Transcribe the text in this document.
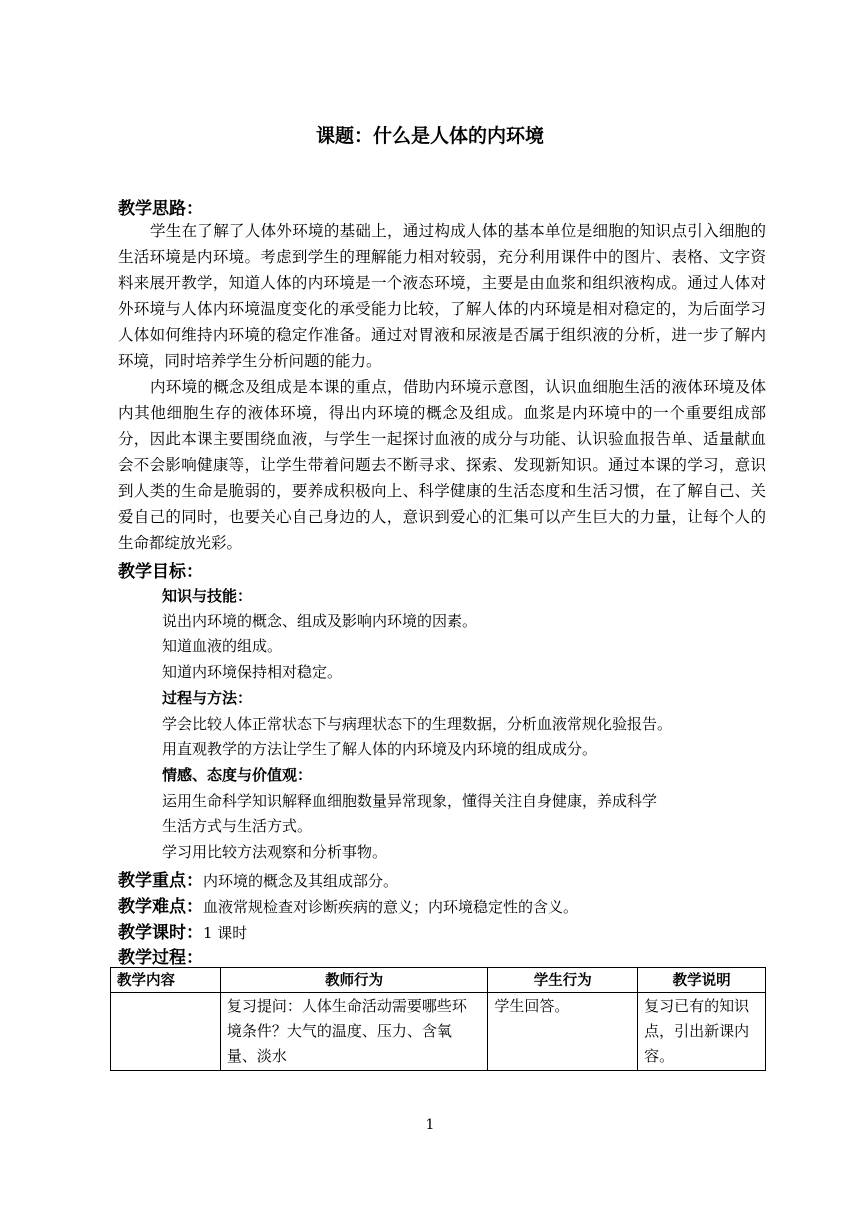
课题：什么是人体的内环境
教学思路：

学生在了解了人体外环境的基础上，通过构成人体的基本单位是细胞的知识点引入细胞的生活环境是内环境。考虑到学生的理解能力相对较弱，充分利用课件中的图片、表格、文字资料来展开教学，知道人体的内环境是一个液态环境，主要是由血浆和组织液构成。通过人体对外环境与人体内环境温度变化的承受能力比较，了解人体的内环境是相对稳定的，为后面学习人体如何维持内环境的稳定作准备。通过对胃液和尿液是否属于组织液的分析，进一步了解内环境，同时培养学生分析问题的能力。

内环境的概念及组成是本课的重点，借助内环境示意图，认识血细胞生活的液体环境及体内其他细胞生存的液体环境，得出内环境的概念及组成。血浆是内环境中的一个重要组成部分，因此本课主要围绕血液，与学生一起探讨血液的成分与功能、认识验血报告单、适量献血会不会影响健康等，让学生带着问题去不断寻求、探索、发现新知识。通过本课的学习，意识到人类的生命是脆弱的，要养成积极向上、科学健康的生活态度和生活习惯，在了解自己、关爱自己的同时，也要关心自己身边的人，意识到爱心的汇集可以产生巨大的力量，让每个人的生命都绽放光彩。

教学目标：
知识与技能：
说出内环境的概念、组成及影响内环境的因素。
知道血液的组成。
知道内环境保持相对稳定。
过程与方法：
学会比较人体正常状态下与病理状态下的生理数据，分析血液常规化验报告。
用直观教学的方法让学生了解人体的内环境及内环境的组成成分。
情感、态度与价值观：
运用生命科学知识解释血细胞数量异常现象，懂得关注自身健康，养成科学
生活方式与生活方式。
学习用比较方法观察和分析事物。
教学重点：内环境的概念及其组成部分。
教学难点：血液常规检查对诊断疾病的意义；内环境稳定性的含义。
教学课时：1 课时
教学过程：
教学内容	教师行为	学生行为	教学说明
	复习提问：人体生命活动需要哪些环境条件？大气的温度、压力、含氧量、淡水	学生回答。	复习已有的知识点，引出新课内容。
1
